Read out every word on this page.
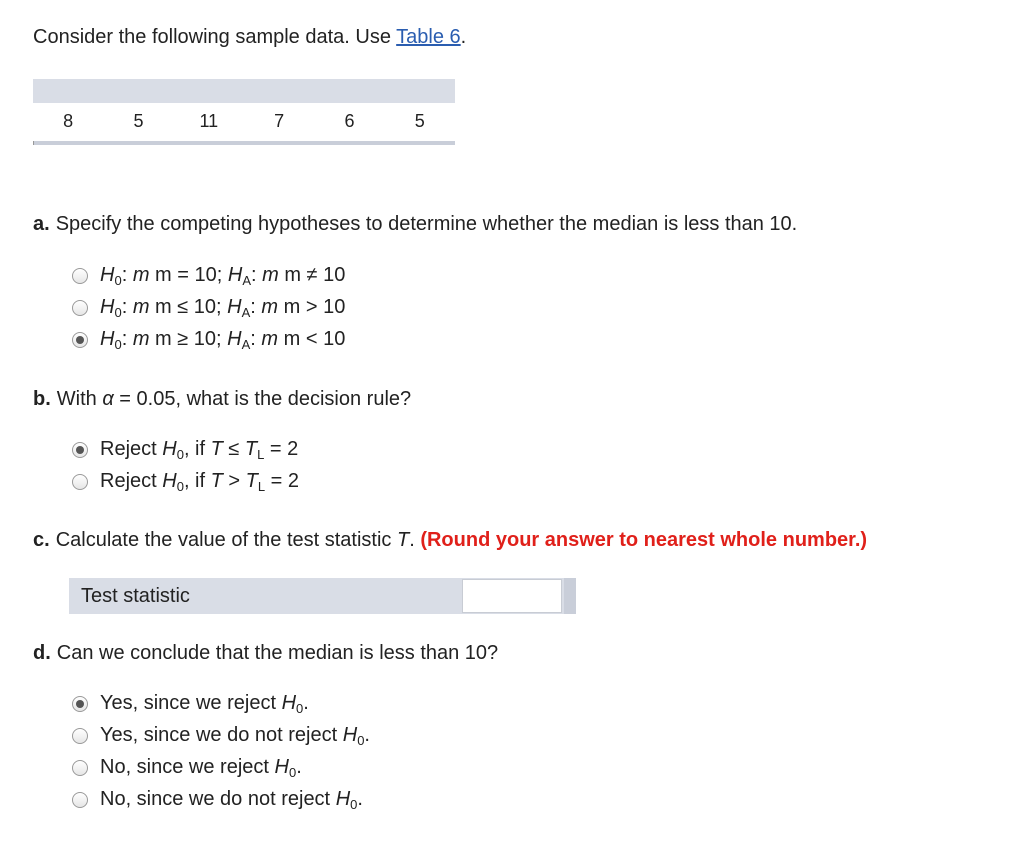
Consider the following sample data. Use Table 6.
8	5	11	7	6	5
a. Specify the competing hypotheses to determine whether the median is less than 10.
$H_0$: m m = 10; $H_A$: m m ≠ 10
$H_0$: m m ≤ 10; $H_A$: m m > 10
$H_0$: m m ≥ 10; $H_A$: m m < 10
b. With α = 0.05, what is the decision rule?
Reject $H_0$, if $T \le T_L = 2$
Reject $H_0$, if $T > T_L = 2$
c. Calculate the value of the test statistic T. (Round your answer to nearest whole number.)
Test statistic
d. Can we conclude that the median is less than 10?
Yes, since we reject $H_0$.
Yes, since we do not reject $H_0$.
No, since we reject $H_0$.
No, since we do not reject $H_0$.
